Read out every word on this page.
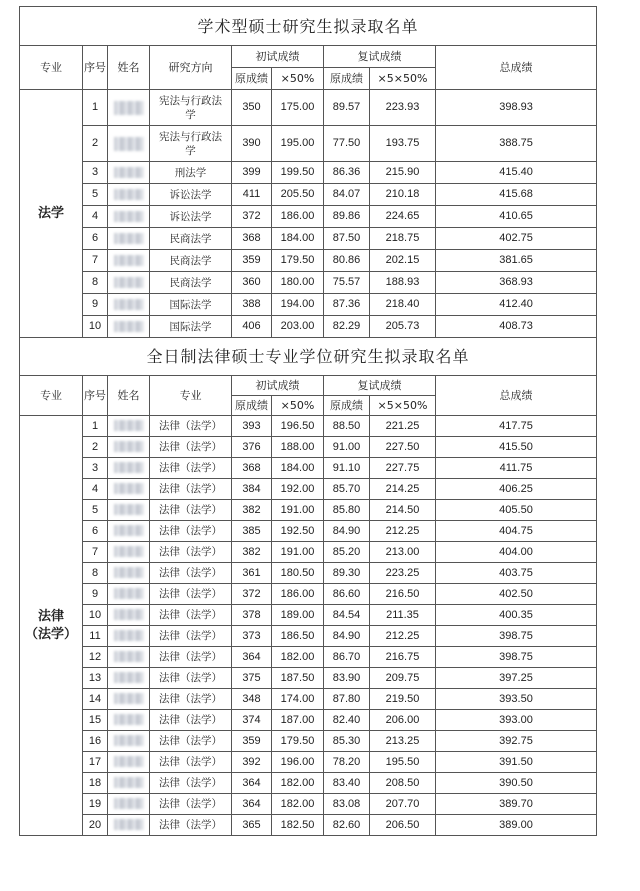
学术型硕士研究生拟录取名单								
专业	序号	姓名	研究方向	初试成绩		复试成绩		总成绩
				原成绩	×50%	原成绩	×5×50%	
法学	1		宪法与行政法学	350	175.00	89.57	223.93	398.93
	2		宪法与行政法学	390	195.00	77.50	193.75	388.75
	3		刑法学	399	199.50	86.36	215.90	415.40
	5		诉讼法学	411	205.50	84.07	210.18	415.68
	4		诉讼法学	372	186.00	89.86	224.65	410.65
	6		民商法学	368	184.00	87.50	218.75	402.75
	7		民商法学	359	179.50	80.86	202.15	381.65
	8		民商法学	360	180.00	75.57	188.93	368.93
	9		国际法学	388	194.00	87.36	218.40	412.40
	10		国际法学	406	203.00	82.29	205.73	408.73
全日制法律硕士专业学位研究生拟录取名单								
专业	序号	姓名	专业	初试成绩		复试成绩		总成绩
				原成绩	×50%	原成绩	×5×50%	

法律
（法学）	1		法律（法学）	393	196.50	88.50	221.25	417.75
	2		法律（法学）	376	188.00	91.00	227.50	415.50
	3		法律（法学）	368	184.00	91.10	227.75	411.75
	4		法律（法学）	384	192.00	85.70	214.25	406.25
	5		法律（法学）	382	191.00	85.80	214.50	405.50
	6		法律（法学）	385	192.50	84.90	212.25	404.75
	7		法律（法学）	382	191.00	85.20	213.00	404.00
	8		法律（法学）	361	180.50	89.30	223.25	403.75
	9		法律（法学）	372	186.00	86.60	216.50	402.50
	10		法律（法学）	378	189.00	84.54	211.35	400.35
	11		法律（法学）	373	186.50	84.90	212.25	398.75
	12		法律（法学）	364	182.00	86.70	216.75	398.75
	13		法律（法学）	375	187.50	83.90	209.75	397.25
	14		法律（法学）	348	174.00	87.80	219.50	393.50
	15		法律（法学）	374	187.00	82.40	206.00	393.00
	16		法律（法学）	359	179.50	85.30	213.25	392.75
	17		法律（法学）	392	196.00	78.20	195.50	391.50
	18		法律（法学）	364	182.00	83.40	208.50	390.50
	19		法律（法学）	364	182.00	83.08	207.70	389.70
	20		法律（法学）	365	182.50	82.60	206.50	389.00
